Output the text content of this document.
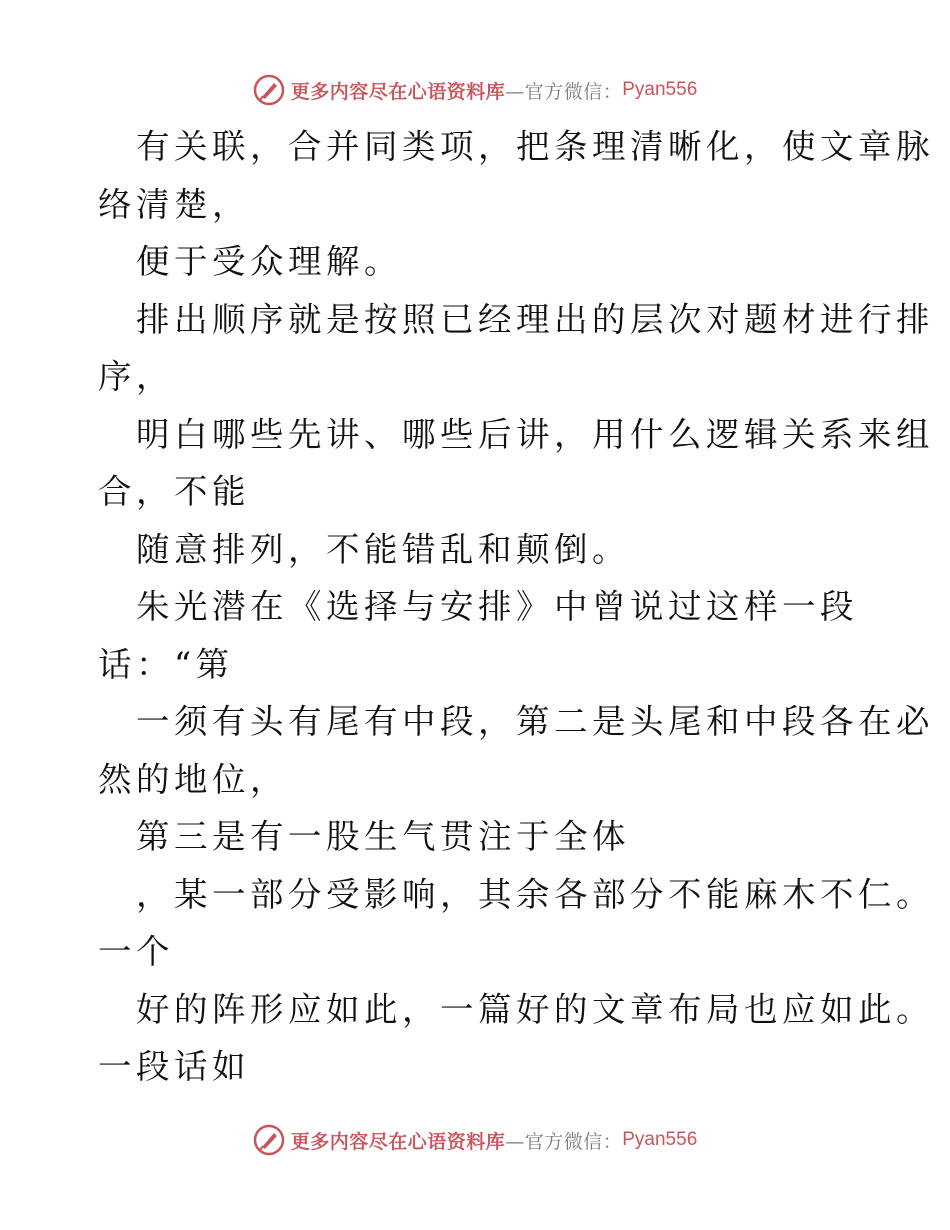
更多内容尽在心语资料库 —官方微信： Pyan556

有关联，合并同类项，把条理清晰化，使文章脉

络清楚，

便于受众理解。

排出顺序就是按照已经理出的层次对题材进行排

序，

明白哪些先讲、哪些后讲，用什么逻辑关系来组

合，不能

随意排列，不能错乱和颠倒。

朱光潜在《选择与安排》中曾说过这样一段

话：“第

一须有头有尾有中段，第二是头尾和中段各在必

然的地位，

第三是有一股生气贯注于全体

，某一部分受影响，其余各部分不能麻木不仁。

一个

好的阵形应如此，一篇好的文章布局也应如此。

一段话如

更多内容尽在心语资料库 —官方微信： Pyan556
